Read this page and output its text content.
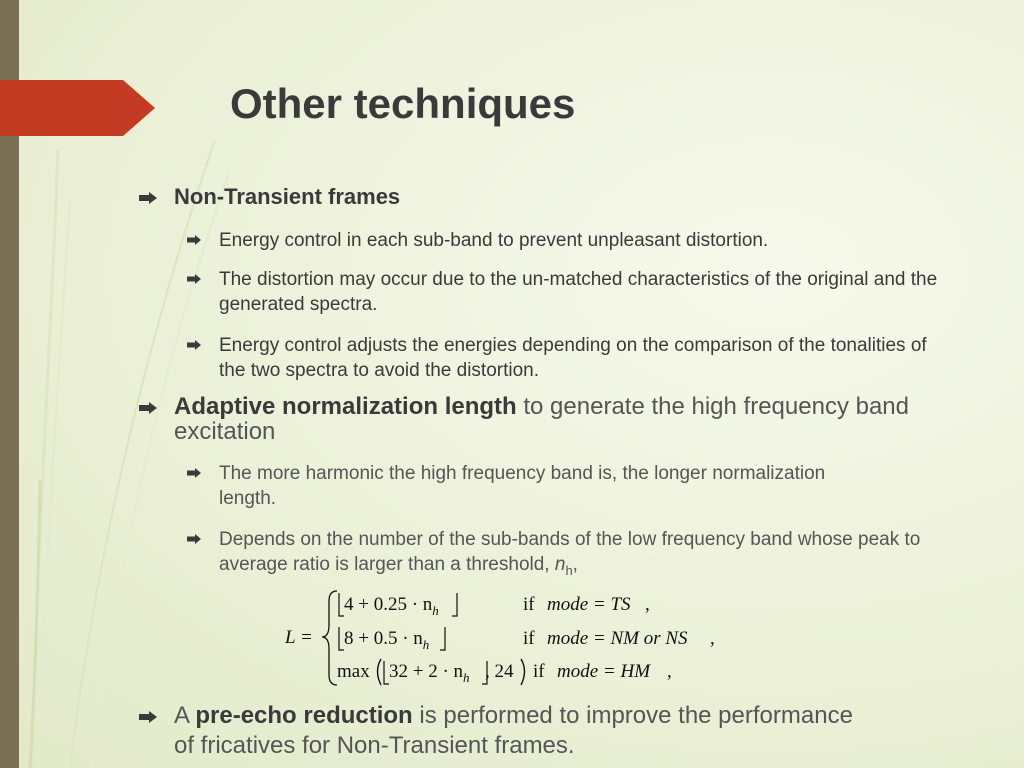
Other techniques
Non-Transient frames
Energy control in each sub-band to prevent unpleasant distortion.
The distortion may occur due to the un-matched characteristics of the original and the generated spectra.
Energy control adjusts the energies depending on the comparison of the tonalities of the two spectra to avoid the distortion.
Adaptive normalization length to generate the high frequency band excitation
The more harmonic the high frequency band is, the longer normalization length.
Depends on the number of the sub-bands of the low frequency band whose peak to average ratio is larger than a threshold, $n_h$,
L =
$4 + 0.25 \cdot n_h$	if mode = TS ,
$8 + 0.5 \cdot n_h$	if mode = NM or NS ,
$\max 32 + 2 \cdot n_h$ , 24 if mode = HM ,
A pre-echo reduction is performed to improve the performance of fricatives for Non-Transient frames.
